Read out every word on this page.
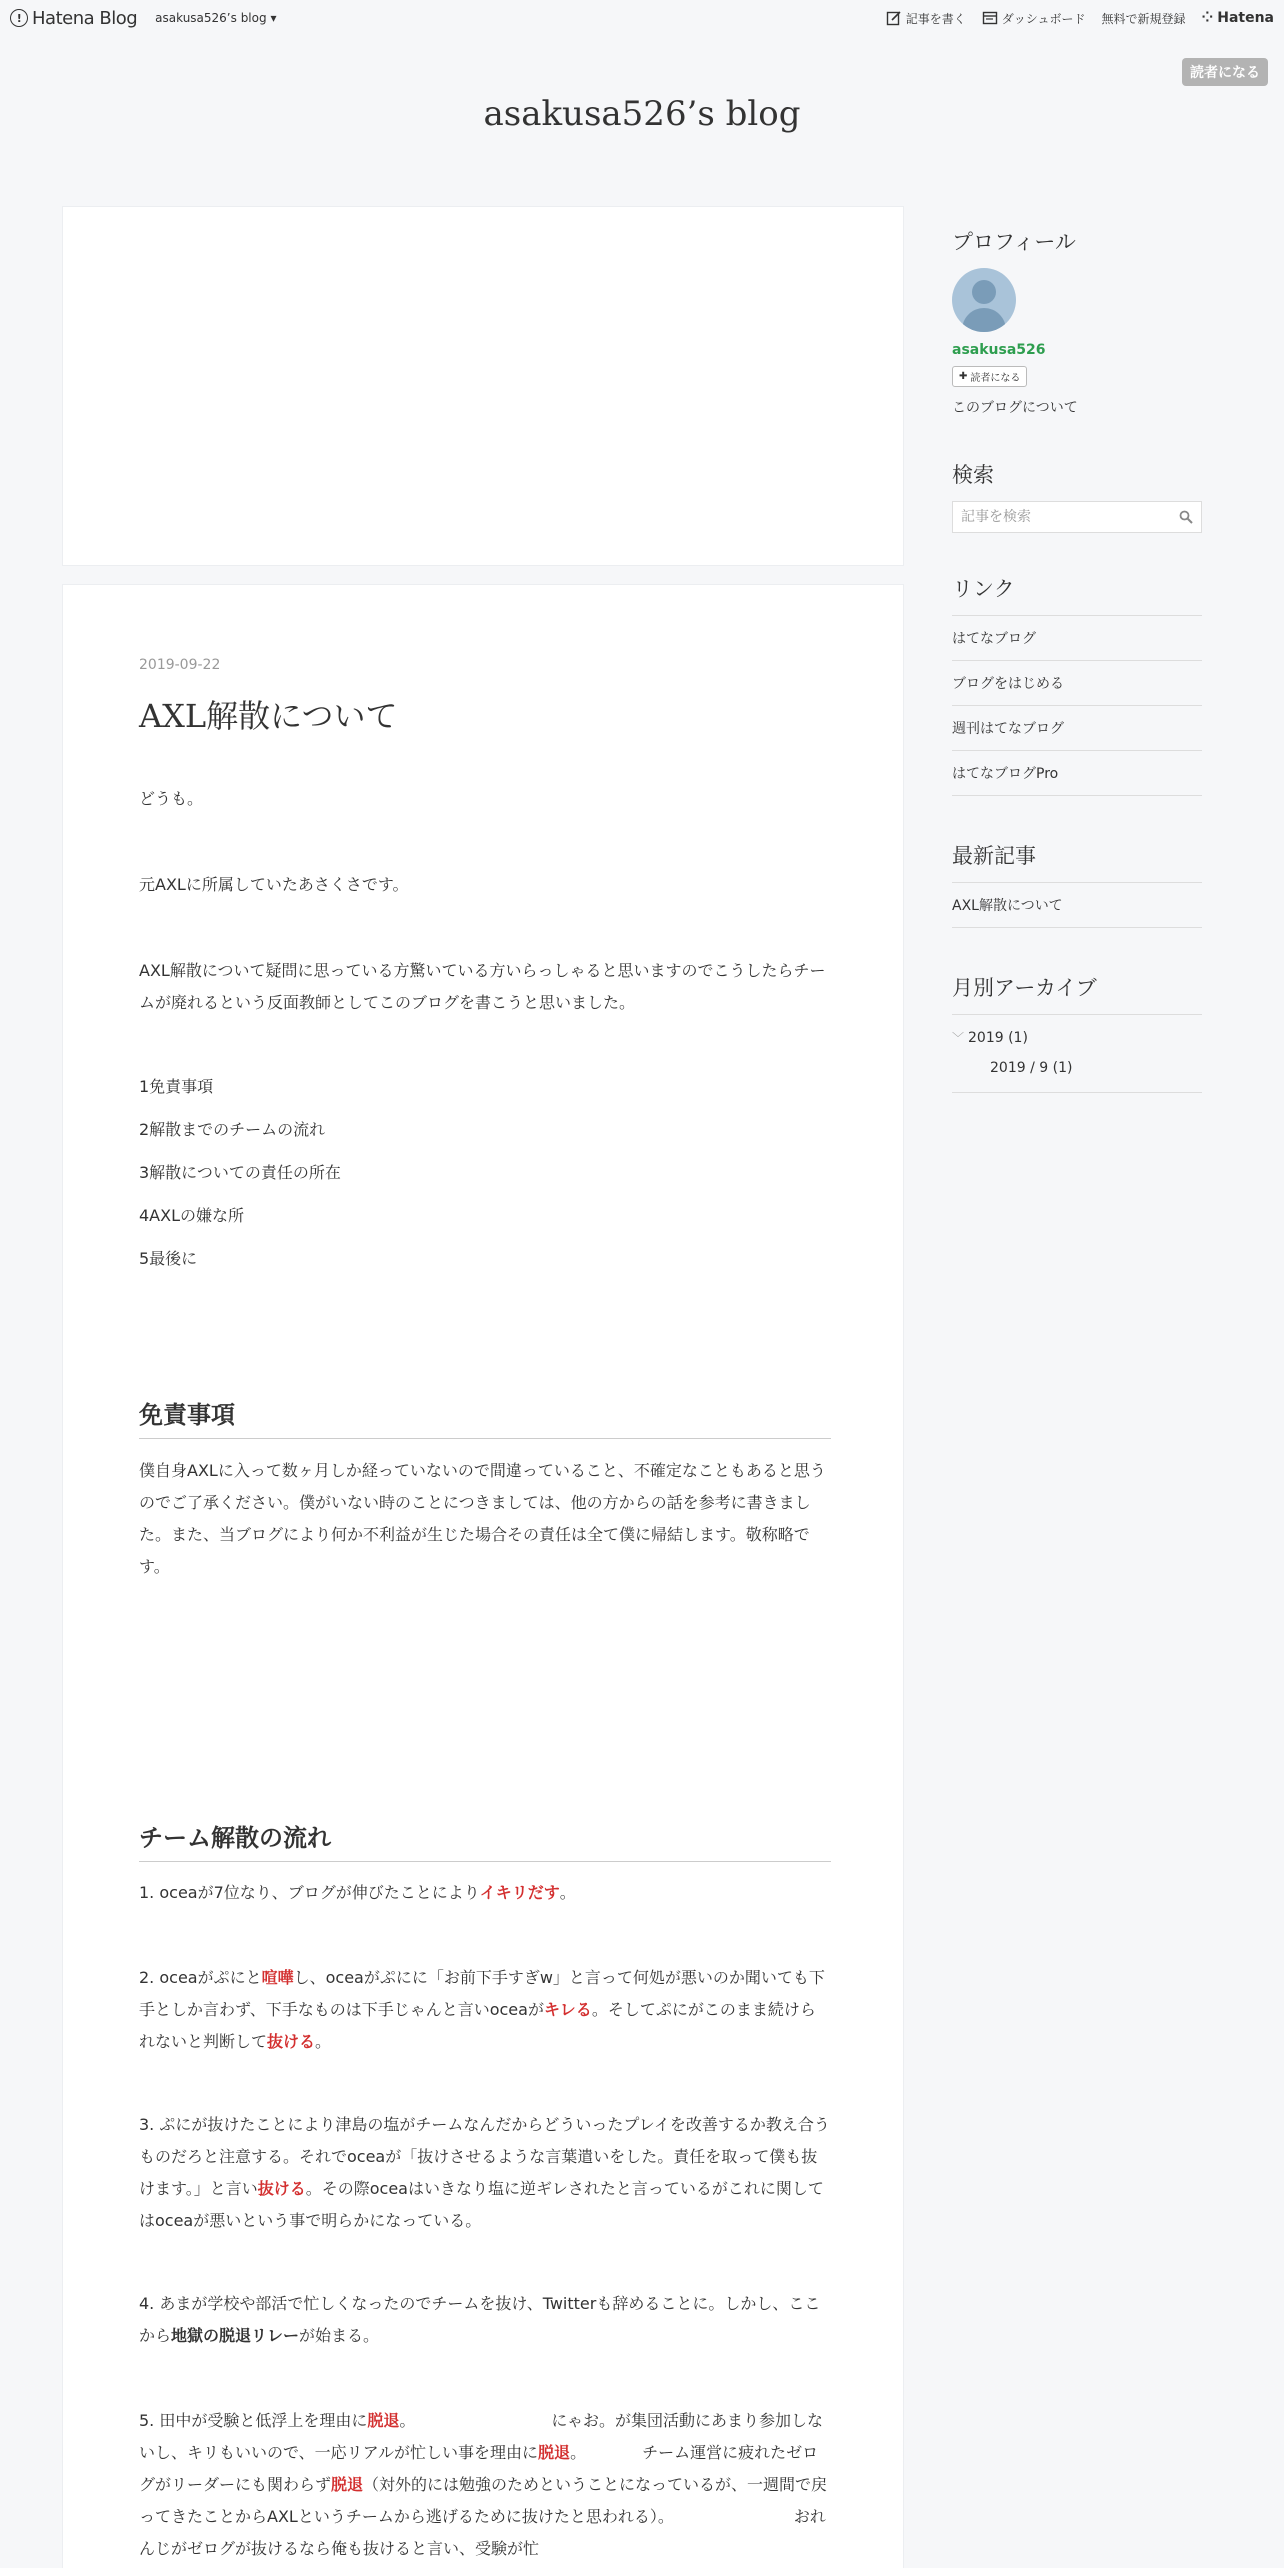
! Hatena Blog asakusa526’s blog ▾	記事を書く	ダッシュボード 無料で新規登録 ⁘ Hatena
読者になる
asakusa526’s blog
2019-09-22
AXL解散について
どうも。
元AXLに所属していたあさくさです。
AXL解散について疑問に思っている方驚いている方いらっしゃると思いますのでこうしたらチームが廃れるという反面教師としてこのブログを書こうと思いました。
1免責事項
2解散までのチームの流れ
3解散についての責任の所在
4AXLの嫌な所
5最後に
免責事項
僕自身AXLに入って数ヶ月しか経っていないので間違っていること、不確定なこともあると思うのでご了承ください。僕がいない時のことにつきましては、他の方からの話を参考に書きました。また、当ブログにより何か不利益が生じた場合その責任は全て僕に帰結します。敬称略です。
チーム解散の流れ
1. oceaが7位なり、ブログが伸びたことによりイキリだす。
2. oceaがぷにと喧嘩し、oceaがぷにに「お前下手すぎw」と言って何処が悪いのか聞いても下手としか言わず、下手なものは下手じゃんと言いoceaがキレる。そしてぷにがこのまま続けられないと判断して抜ける。
3. ぷにが抜けたことにより津島の塩がチームなんだからどういったプレイを改善するか教え合うものだろと注意する。それでoceaが「抜けさせるような言葉遣いをした。責任を取って僕も抜けます。」と言い抜ける。その際oceaはいきなり塩に逆ギレされたと言っているがこれに関してはoceaが悪いという事で明らかになっている。
4. あまが学校や部活で忙しくなったのでチームを抜け、Twitterも辞めることに。しかし、ここから地獄の脱退リレーが始まる。
5. 田中が受験と低浮上を理由に脱退。　　　　　　　　　にゃお。が集団活動にあまり参加しないし、キリもいいので、一応リアルが忙しい事を理由に脱退。　　　　チーム運営に疲れたゼログがリーダーにも関わらず脱退（対外的には勉強のためということになっているが、一週間で戻ってきたことからAXLというチームから逃げるために抜けたと思われる）。　　　　　　　　おれんじがゼログが抜けるなら俺も抜けると言い、受験が忙
プロフィール
asakusa526
✚ 読者になる
このブログについて
検索
記事を検索
リンク
はてなブログ
ブログをはじめる
週刊はてなブログ
はてなブログPro
最新記事
AXL解散について
月別アーカイブ
﹀ 2019 (1)
2019 / 9 (1)
